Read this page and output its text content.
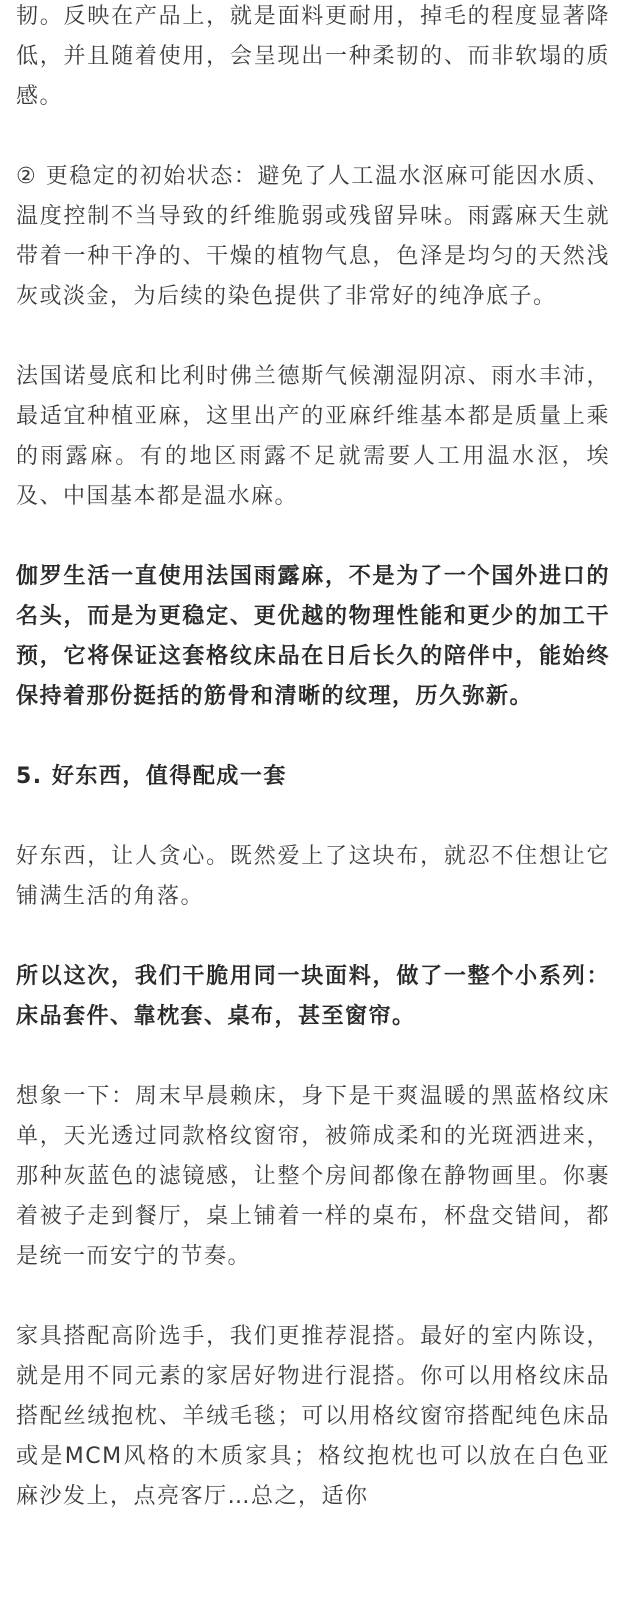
韧。反映在产品上，就是面料更耐用，掉毛的程度显著降低，并且随着使用，会呈现出一种柔韧的、而非软塌的质感。

② 更稳定的初始状态：避免了人工温水沤麻可能因水质、温度控制不当导致的纤维脆弱或残留异味。雨露麻天生就带着一种干净的、干燥的植物气息，色泽是均匀的天然浅灰或淡金，为后续的染色提供了非常好的纯净底子。

法国诺曼底和比利时佛兰德斯气候潮湿阴凉、雨水丰沛，最适宜种植亚麻，这里出产的亚麻纤维基本都是质量上乘的雨露麻。有的地区雨露不足就需要人工用温水沤，埃及、中国基本都是温水麻。

伽罗生活一直使用法国雨露麻，不是为了一个国外进口的名头，而是为更稳定、更优越的物理性能和更少的加工干预，它将保证这套格纹床品在日后长久的陪伴中，能始终保持着那份挺括的筋骨和清晰的纹理，历久弥新。

5. 好东西，值得配成一套

好东西，让人贪心。既然爱上了这块布，就忍不住想让它铺满生活的角落。

所以这次，我们干脆用同一块面料，做了一整个小系列：床品套件、靠枕套、桌布，甚至窗帘。

想象一下：周末早晨赖床，身下是干爽温暖的黑蓝格纹床单，天光透过同款格纹窗帘，被筛成柔和的光斑洒进来，那种灰蓝色的滤镜感，让整个房间都像在静物画里。你裹着被子走到餐厅，桌上铺着一样的桌布，杯盘交错间，都是统一而安宁的节奏。

家具搭配高阶选手，我们更推荐混搭。最好的室内陈设，就是用不同元素的家居好物进行混搭。你可以用格纹床品搭配丝绒抱枕、羊绒毛毯；可以用格纹窗帘搭配纯色床品或是MCM风格的木质家具；格纹抱枕也可以放在白色亚麻沙发上，点亮客厅…总之，适你
